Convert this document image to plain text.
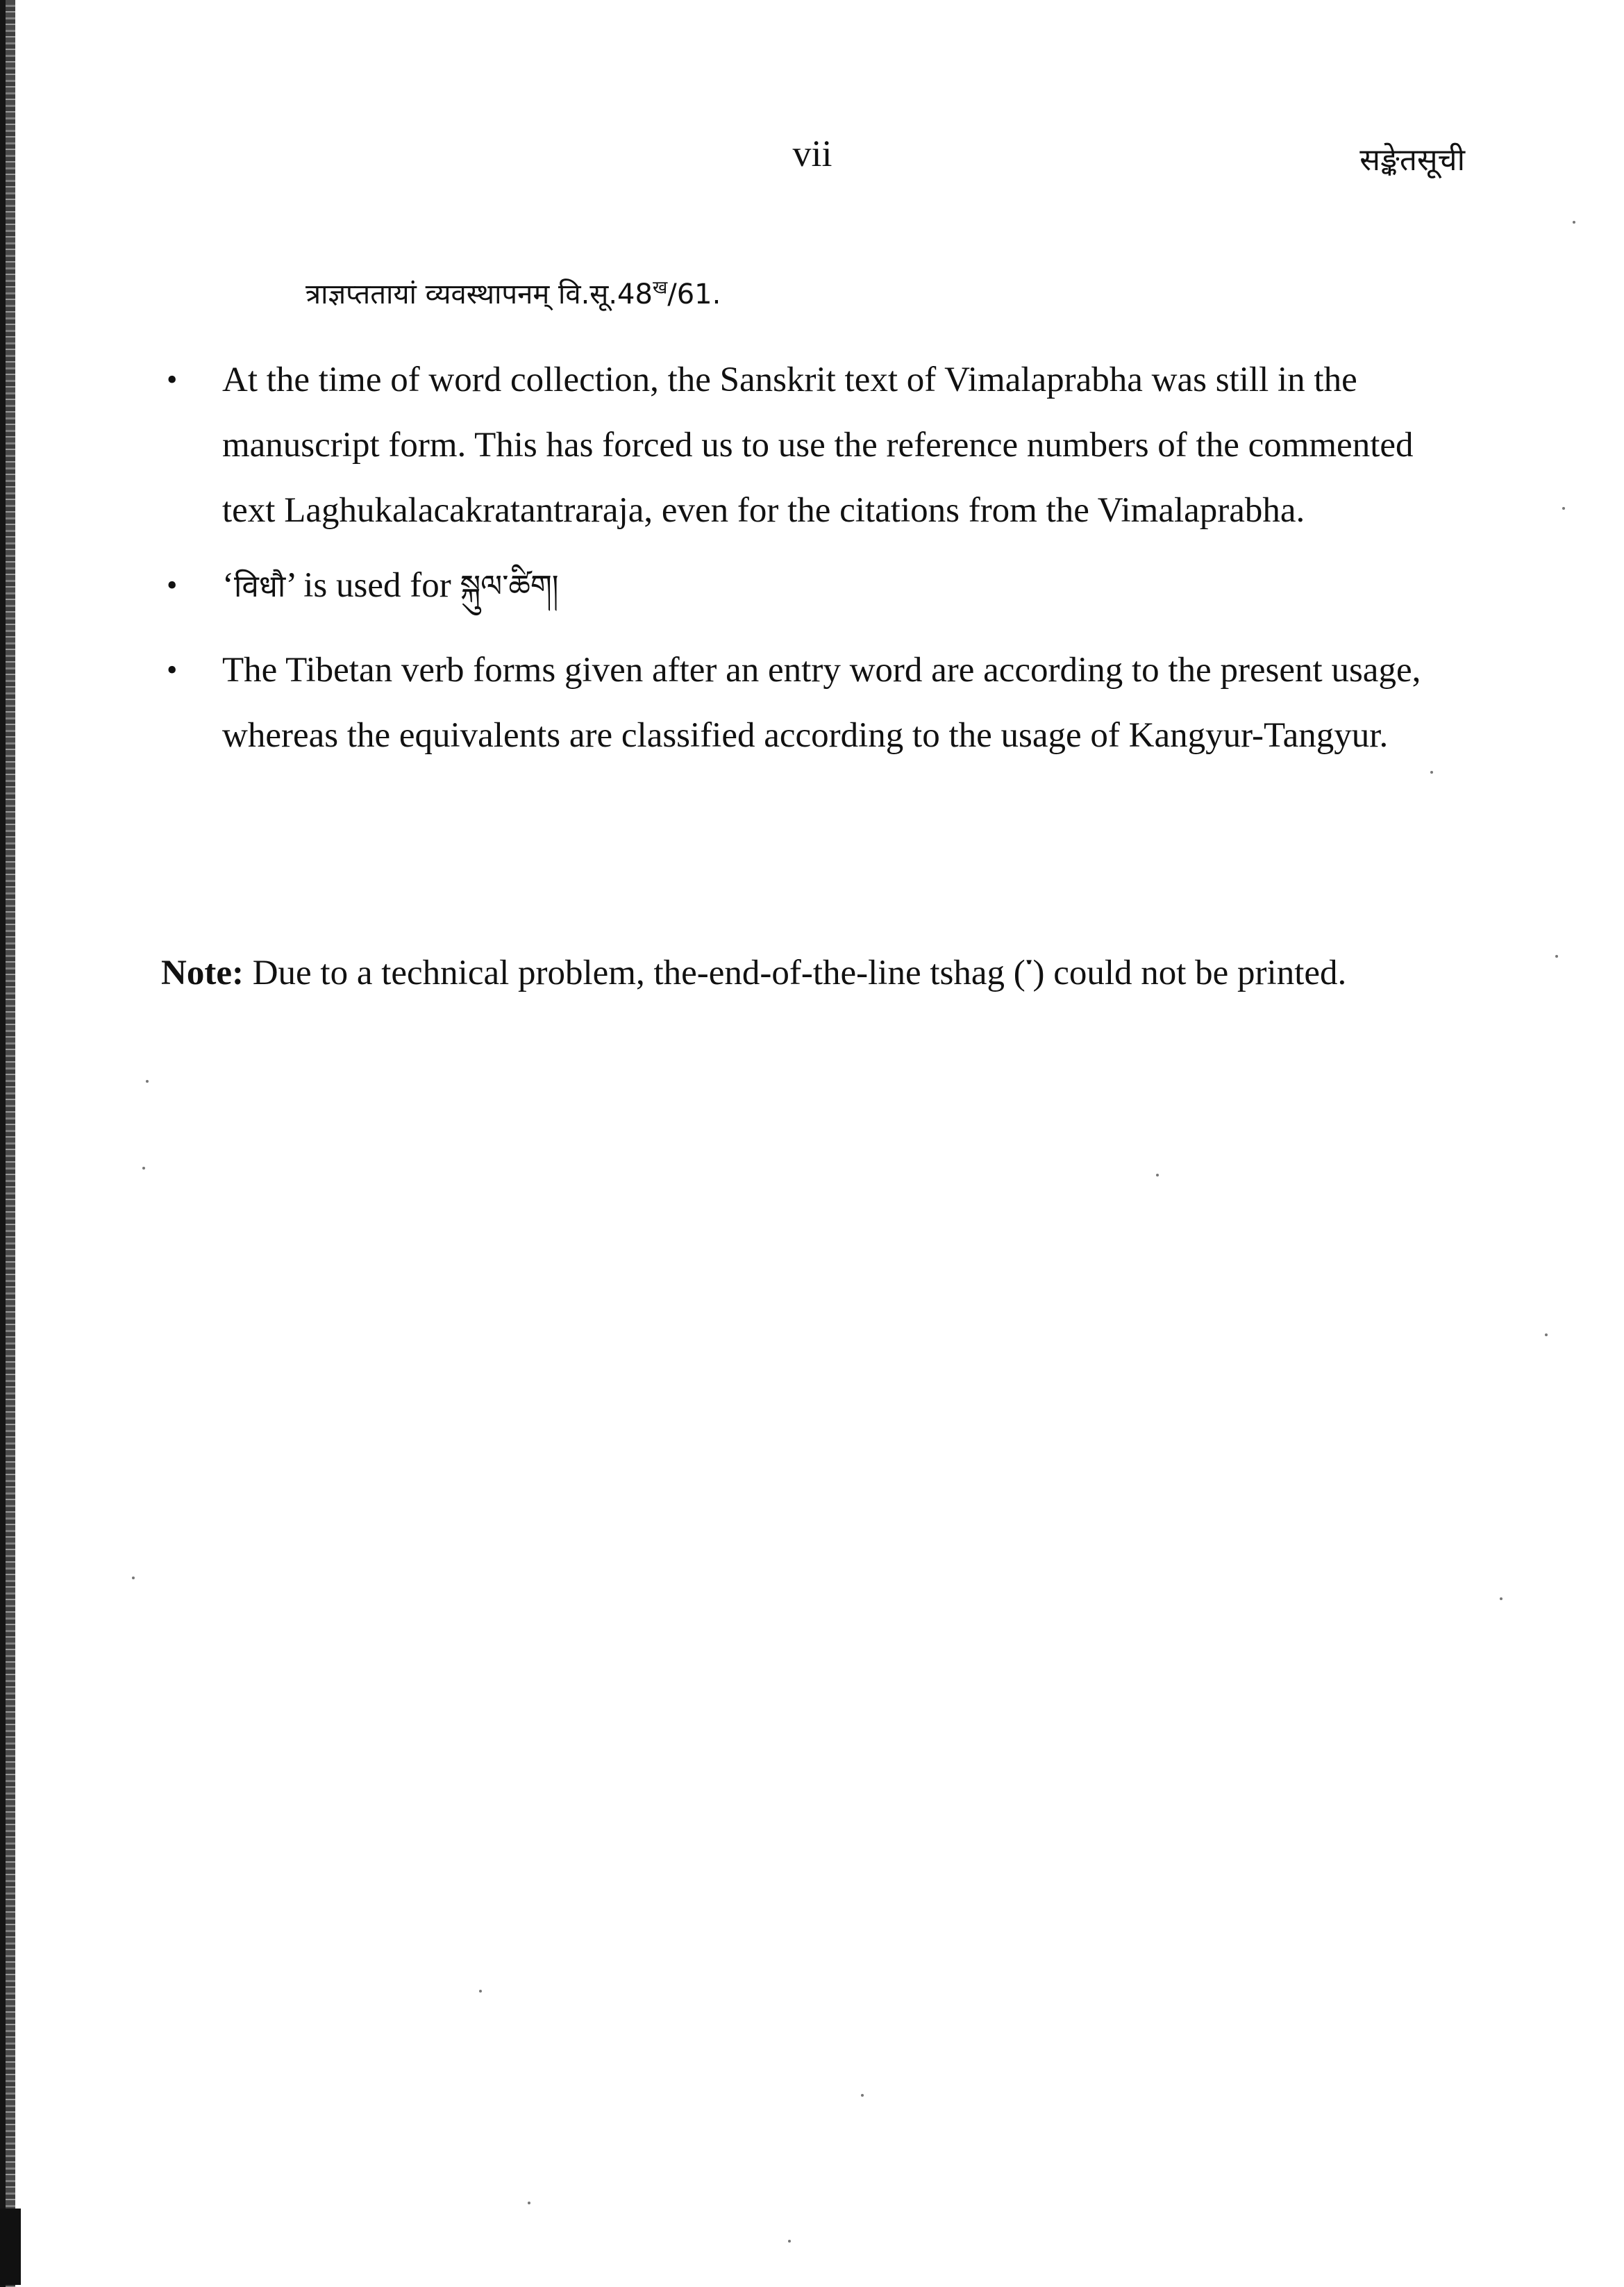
vii	सङ्केतसूची
त्राज्ञप्ततायां व्यवस्थापनम् $वि.सू.48^ख/61$.
•	At the time of word collection, the Sanskrit text of Vimalaprabha was still in the manuscript form. This has forced us to use the reference numbers of the commented text Laghukalacakratantraraja, even for the citations from the Vimalaprabha.
•	‘विधौ’ is used for སྐུལ་ཚིག།
•	The Tibetan verb forms given after an entry word are according to the present usage, whereas the equivalents are classified according to the usage of Kangyur-Tangyur.

Note: Due to a technical problem, the-end-of-the-line tshag (་) could not be printed.
